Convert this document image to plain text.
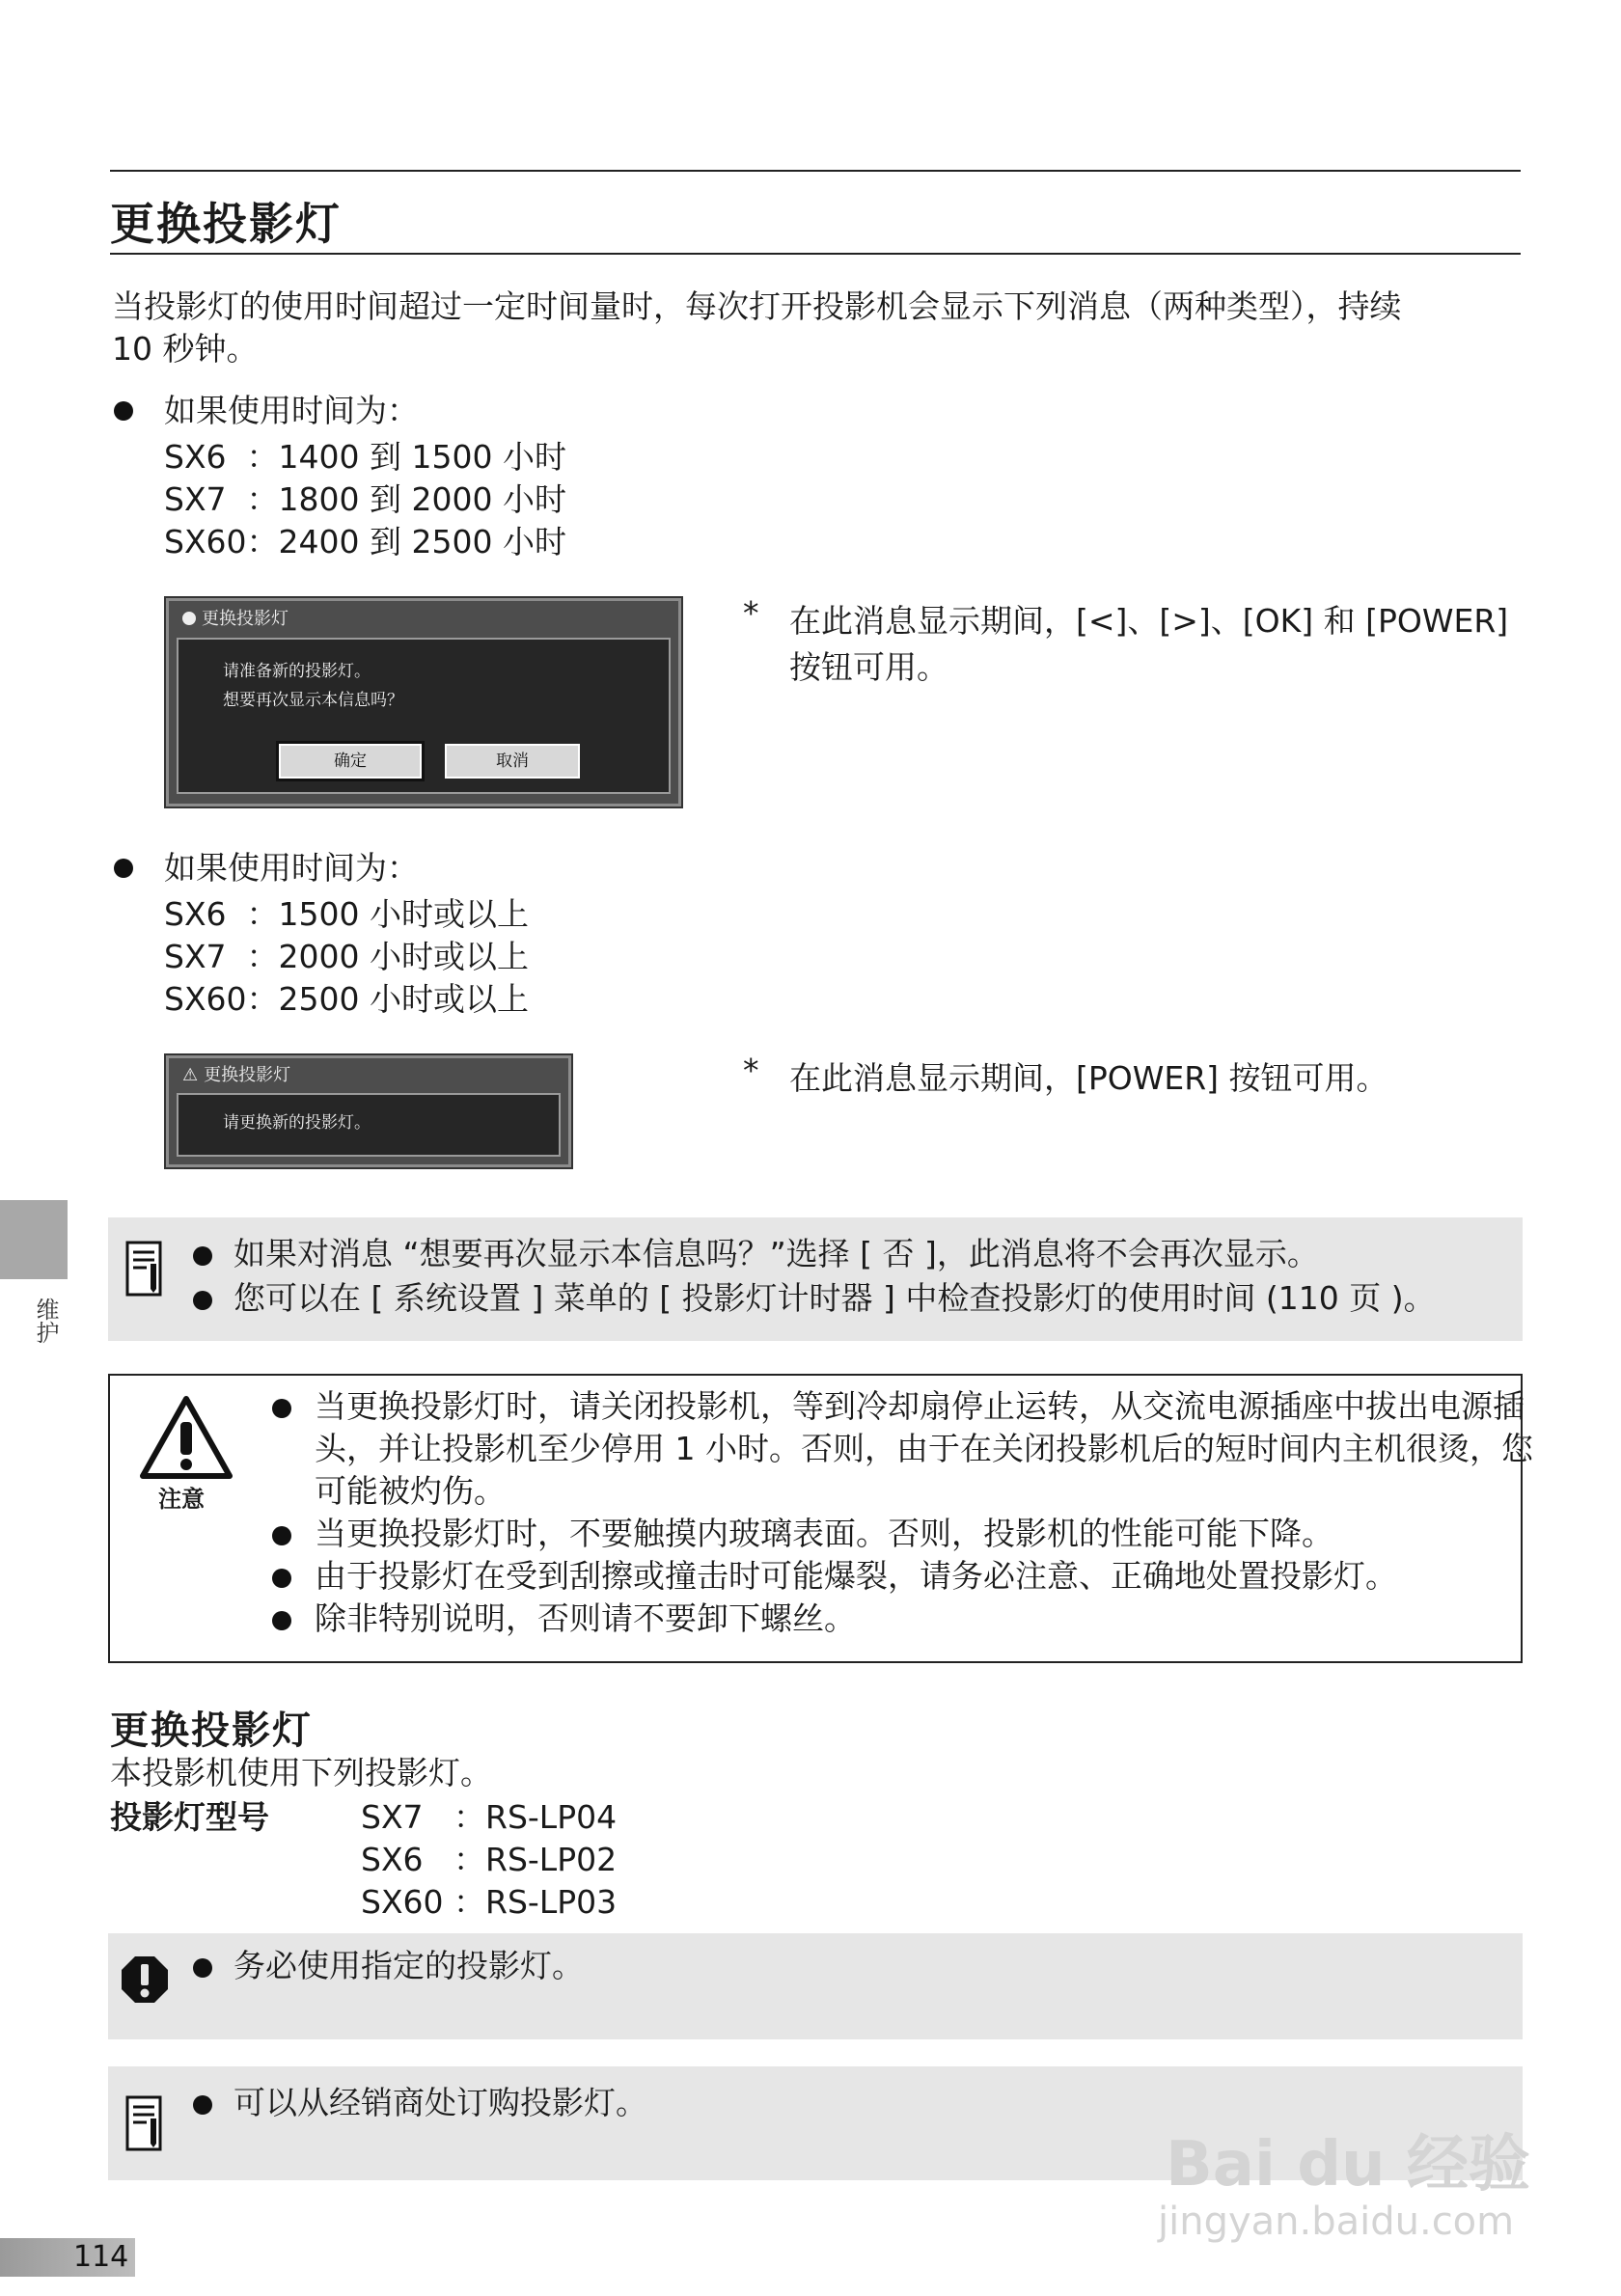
更换投影灯
当投影灯的使用时间超过一定时间量时，每次打开投影机会显示下列消息（两种类型），持续
10 秒钟。
如果使用时间为：
SX6  ：1400 到 1500 小时
SX7  ：1800 到 2000 小时
SX60：2400 到 2500 小时
更换投影灯
请准备新的投影灯。
想要再次显示本信息吗？
确定	取消
* 在此消息显示期间，[<]、[>]、[OK] 和 [POWER]
按钮可用。
如果使用时间为：
SX6  ：1500 小时或以上
SX7  ：2000 小时或以上
SX60：2500 小时或以上
⚠ 更换投影灯
请更换新的投影灯。
* 在此消息显示期间，[POWER] 按钮可用。
维护
如果对消息 “想要再次显示本信息吗？”选择 [ 否 ]，此消息将不会再次显示。
您可以在 [ 系统设置 ] 菜单的 [ 投影灯计时器 ] 中检查投影灯的使用时间 (110 页 )。
注意
当更换投影灯时，请关闭投影机，等到冷却扇停止运转，从交流电源插座中拔出电源插
头，并让投影机至少停用 1 小时。否则，由于在关闭投影机后的短时间内主机很烫，您
可能被灼伤。
当更换投影灯时，不要触摸内玻璃表面。否则，投影机的性能可能下降。
由于投影灯在受到刮擦或撞击时可能爆裂，请务必注意、正确地处置投影灯。
除非特别说明，否则请不要卸下螺丝。
更换投影灯
本投影机使用下列投影灯。
投影灯型号	SX7   ：RS-LP04
SX6   ：RS-LP02
SX60 ：RS-LP03
务必使用指定的投影灯。
可以从经销商处订购投影灯。
Bai du 经验
jingyan.baidu.com
114
